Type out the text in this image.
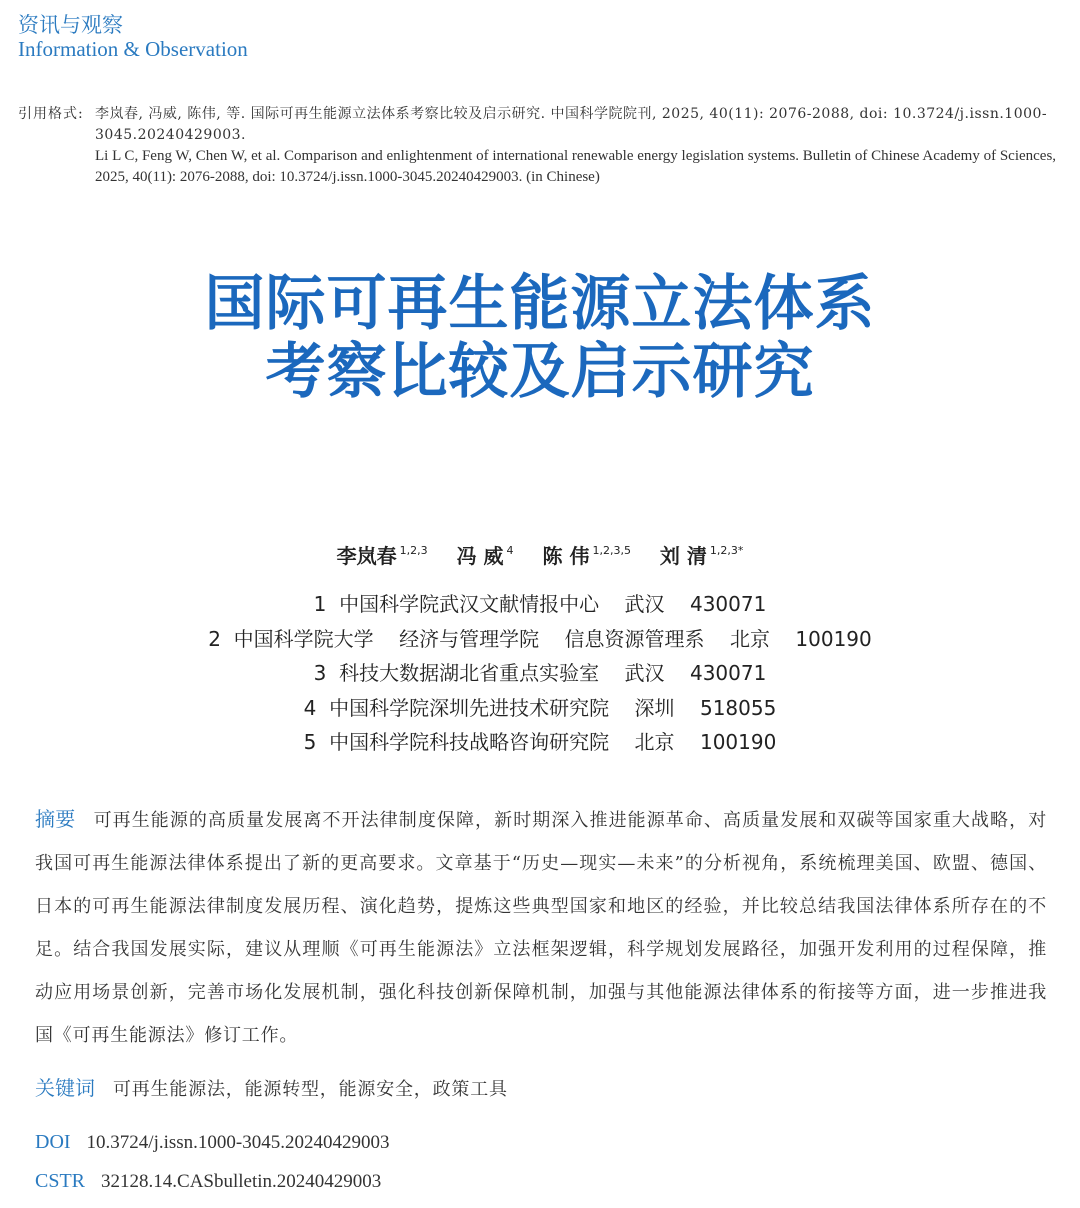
资讯与观察
Information & Observation
引用格式: 李岚春, 冯威, 陈伟, 等. 国际可再生能源立法体系考察比较及启示研究. 中国科学院院刊, 2025, 40(11): 2076-2088, doi: 10.3724/j.issn.1000-3045.20240429003.
Li L C, Feng W, Chen W, et al. Comparison and enlightenment of international renewable energy legislation systems. Bulletin of Chinese Academy of Sciences, 2025, 40(11): 2076-2088, doi: 10.3724/j.issn.1000-3045.20240429003. (in Chinese)
国际可再生能源立法体系
考察比较及启示研究
李岚春 $^{1,2,3}$ 冯 威 $^4$ 陈 伟 $^{1,2,3,5}$ 刘 清 $^{1,2,3*}$
1  中国科学院武汉文献情报中心    武汉    430071
2  中国科学院大学    经济与管理学院    信息资源管理系    北京    100190
3  科技大数据湖北省重点实验室    武汉    430071
4  中国科学院深圳先进技术研究院    深圳    518055
5  中国科学院科技战略咨询研究院    北京    100190
摘要 可再生能源的高质量发展离不开法律制度保障，新时期深入推进能源革命、高质量发展和双碳等国家重大战略，对我国可再生能源法律体系提出了新的更高要求。文章基于“历史—现实—未来”的分析视角，系统梳理美国、欧盟、德国、日本的可再生能源法律制度发展历程、演化趋势，提炼这些典型国家和地区的经验，并比较总结我国法律体系所存在的不足。结合我国发展实际，建议从理顺《可再生能源法》立法框架逻辑，科学规划发展路径，加强开发利用的过程保障，推动应用场景创新，完善市场化发展机制，强化科技创新保障机制，加强与其他能源法律体系的衔接等方面，进一步推进我国《可再生能源法》修订工作。
关键词 可再生能源法，能源转型，能源安全，政策工具
DOI 10.3724/j.issn.1000-3045.20240429003
CSTR 32128.14.CASbulletin.20240429003
